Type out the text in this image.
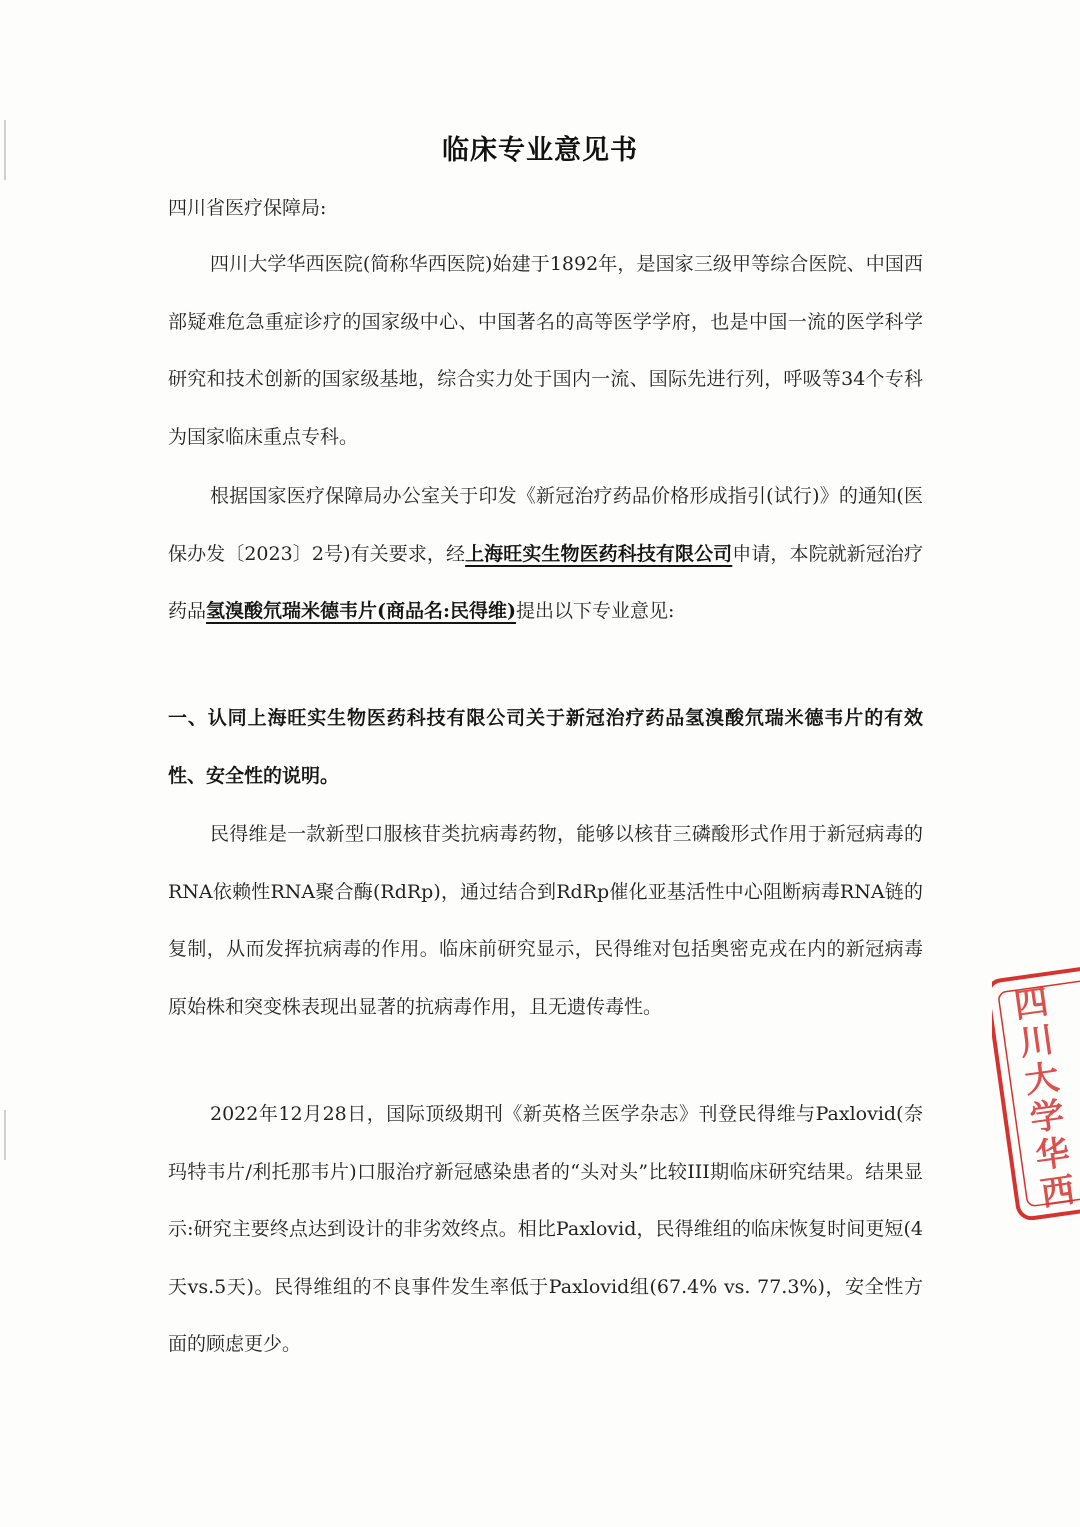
临床专业意见书
四川省医疗保障局:
四川大学华西医院(简称华西医院)始建于1892年，是国家三级甲等综合医院、中国西部疑难危急重症诊疗的国家级中心、中国著名的高等医学学府，也是中国一流的医学科学研究和技术创新的国家级基地，综合实力处于国内一流、国际先进行列，呼吸等34个专科为国家临床重点专科。
根据国家医疗保障局办公室关于印发《新冠治疗药品价格形成指引(试行)》的通知(医保办发〔2023〕2号)有关要求，经上海旺实生物医药科技有限公司申请，本院就新冠治疗药品氢溴酸氘瑞米德韦片(商品名:民得维)提出以下专业意见:
一、认同上海旺实生物医药科技有限公司关于新冠治疗药品氢溴酸氘瑞米德韦片的有效性、安全性的说明。
民得维是一款新型口服核苷类抗病毒药物，能够以核苷三磷酸形式作用于新冠病毒的RNA依赖性RNA聚合酶(RdRp)，通过结合到RdRp催化亚基活性中心阻断病毒RNA链的复制，从而发挥抗病毒的作用。临床前研究显示，民得维对包括奥密克戎在内的新冠病毒原始株和突变株表现出显著的抗病毒作用，且无遗传毒性。
2022年12月28日，国际顶级期刊《新英格兰医学杂志》刊登民得维与Paxlovid(奈玛特韦片/利托那韦片)口服治疗新冠感染患者的“头对头”比较III期临床研究结果。结果显示:研究主要终点达到设计的非劣效终点。相比Paxlovid，民得维组的临床恢复时间更短(4天vs.5天)。民得维组的不良事件发生率低于Paxlovid组(67.4% vs. 77.3%)，安全性方面的顾虑更少。
四
川
大
学
华
西
